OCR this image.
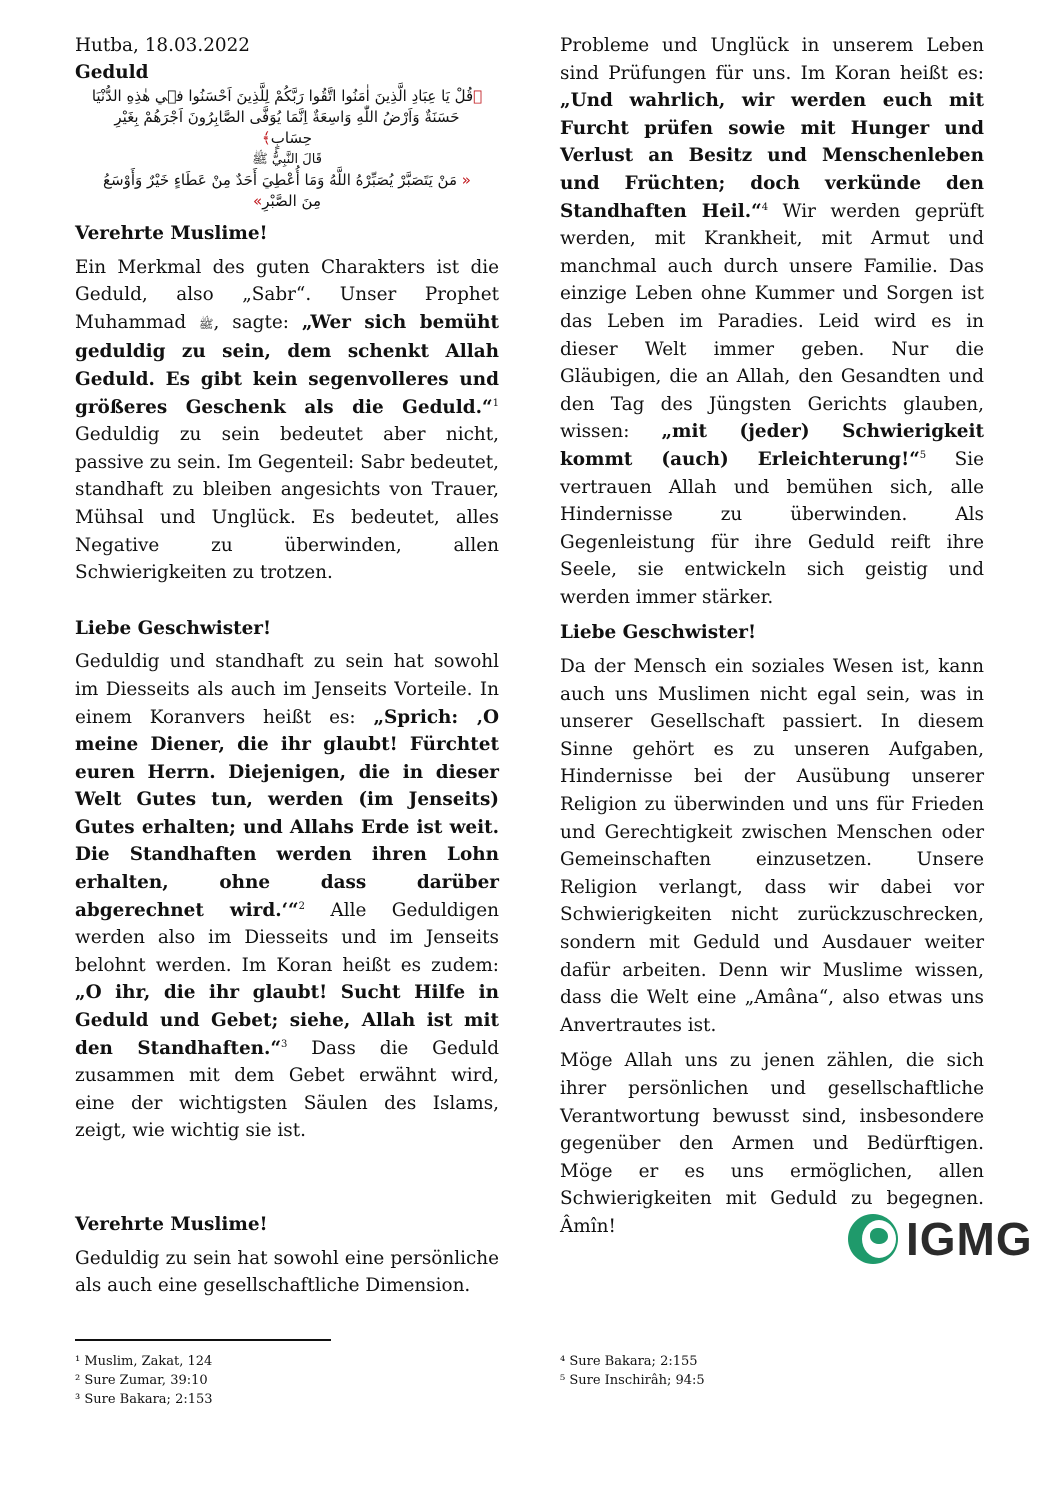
Hutba, 18.03.2022

Geduld

﴿قُلْ يَا عِبَادِ الَّذِينَ اٰمَنُوا اتَّقُوا رَبَّكُمْ لِلَّذِينَ اَحْسَنُوا فٖي هٰذِهِ الدُّنْيَا

حَسَنَةٌ وَاَرْضُ اللّٰهِ وَاسِعَةٌ اِنَّمَا يُوَفَّى الصَّابِرُونَ اَجْرَهُمْ بِغَيْرِ

حِسَابٍ﴾

قَالَ النَّبِيُّ ﷺ

« مَنْ يَتَصَبَّرْ يُصَبِّرْهُ اللَّهُ وَمَا أُعْطِيَ أَحَدٌ مِنْ عَطَاءٍ خَيْرٌ وَأَوْسَعُ

مِنَ الصَّبْرِ»

Verehrte Muslime!

Ein Merkmal des guten Charakters ist die Geduld, also „Sabr“. Unser Prophet Muhammad ﷺ, sagte: „Wer sich bemüht geduldig zu sein, dem schenkt Allah Geduld. Es gibt kein segenvolleres und größeres Geschenk als die Geduld.“$^1$ Geduldig zu sein bedeutet aber nicht, passive zu sein. Im Gegenteil: Sabr bedeutet, standhaft zu bleiben angesichts von Trauer, Mühsal und Unglück. Es bedeutet, alles Negative zu überwinden, allen Schwierigkeiten zu trotzen.

Liebe Geschwister!

Geduldig und standhaft zu sein hat sowohl im Diesseits als auch im Jenseits Vorteile. In einem Koranvers heißt es: „Sprich: ‚O meine Diener, die ihr glaubt! Fürchtet euren Herrn. Diejenigen, die in dieser Welt Gutes tun, werden (im Jenseits) Gutes erhalten; und Allahs Erde ist weit. Die Standhaften werden ihren Lohn erhalten, ohne dass darüber abgerechnet wird.‘“$^2$ Alle Geduldigen werden also im Diesseits und im Jenseits belohnt werden. Im Koran heißt es zudem: „O ihr, die ihr glaubt! Sucht Hilfe in Geduld und Gebet; siehe, Allah ist mit den Standhaften.“$^3$ Dass die Geduld zusammen mit dem Gebet erwähnt wird, eine der wichtigsten Säulen des Islams, zeigt, wie wichtig sie ist.

Verehrte Muslime!

Geduldig zu sein hat sowohl eine persönliche als auch eine gesellschaftliche Dimension.

Probleme und Unglück in unserem Leben sind Prüfungen für uns. Im Koran heißt es: „Und wahrlich, wir werden euch mit Furcht prüfen sowie mit Hunger und Verlust an Besitz und Menschenleben und Früchten; doch verkünde den Standhaften Heil.“$^4$ Wir werden geprüft werden, mit Krankheit, mit Armut und manchmal auch durch unsere Familie. Das einzige Leben ohne Kummer und Sorgen ist das Leben im Paradies. Leid wird es in dieser Welt immer geben. Nur die Gläubigen, die an Allah, den Gesandten und den Tag des Jüngsten Gerichts glauben, wissen: „mit (jeder) Schwierigkeit kommt (auch) Erleichterung!“$^5$ Sie vertrauen Allah und bemühen sich, alle Hindernisse zu überwinden. Als Gegenleistung für ihre Geduld reift ihre Seele, sie entwickeln sich geistig und werden immer stärker.

Liebe Geschwister!

Da der Mensch ein soziales Wesen ist, kann auch uns Muslimen nicht egal sein, was in unserer Gesellschaft passiert. In diesem Sinne gehört es zu unseren Aufgaben, Hindernisse bei der Ausübung unserer Religion zu überwinden und uns für Frieden und Gerechtigkeit zwischen Menschen oder Gemeinschaften einzusetzen. Unsere Religion verlangt, dass wir dabei vor Schwierigkeiten nicht zurückzuschrecken, sondern mit Geduld und Ausdauer weiter dafür arbeiten. Denn wir Muslime wissen, dass die Welt eine „Amâna“, also etwas uns Anvertrautes ist.

Möge Allah uns zu jenen zählen, die sich ihrer persönlichen und gesellschaftliche Verantwortung bewusst sind, insbesondere gegenüber den Armen und Bedürftigen. Möge er es uns ermöglichen, allen Schwierigkeiten mit Geduld zu begegnen. Âmîn!	IGMG
¹ Muslim, Zakat, 124
² Sure Zumar, 39:10
³ Sure Bakara; 2:153
⁴ Sure Bakara; 2:155
⁵ Sure Inschirâh; 94:5
